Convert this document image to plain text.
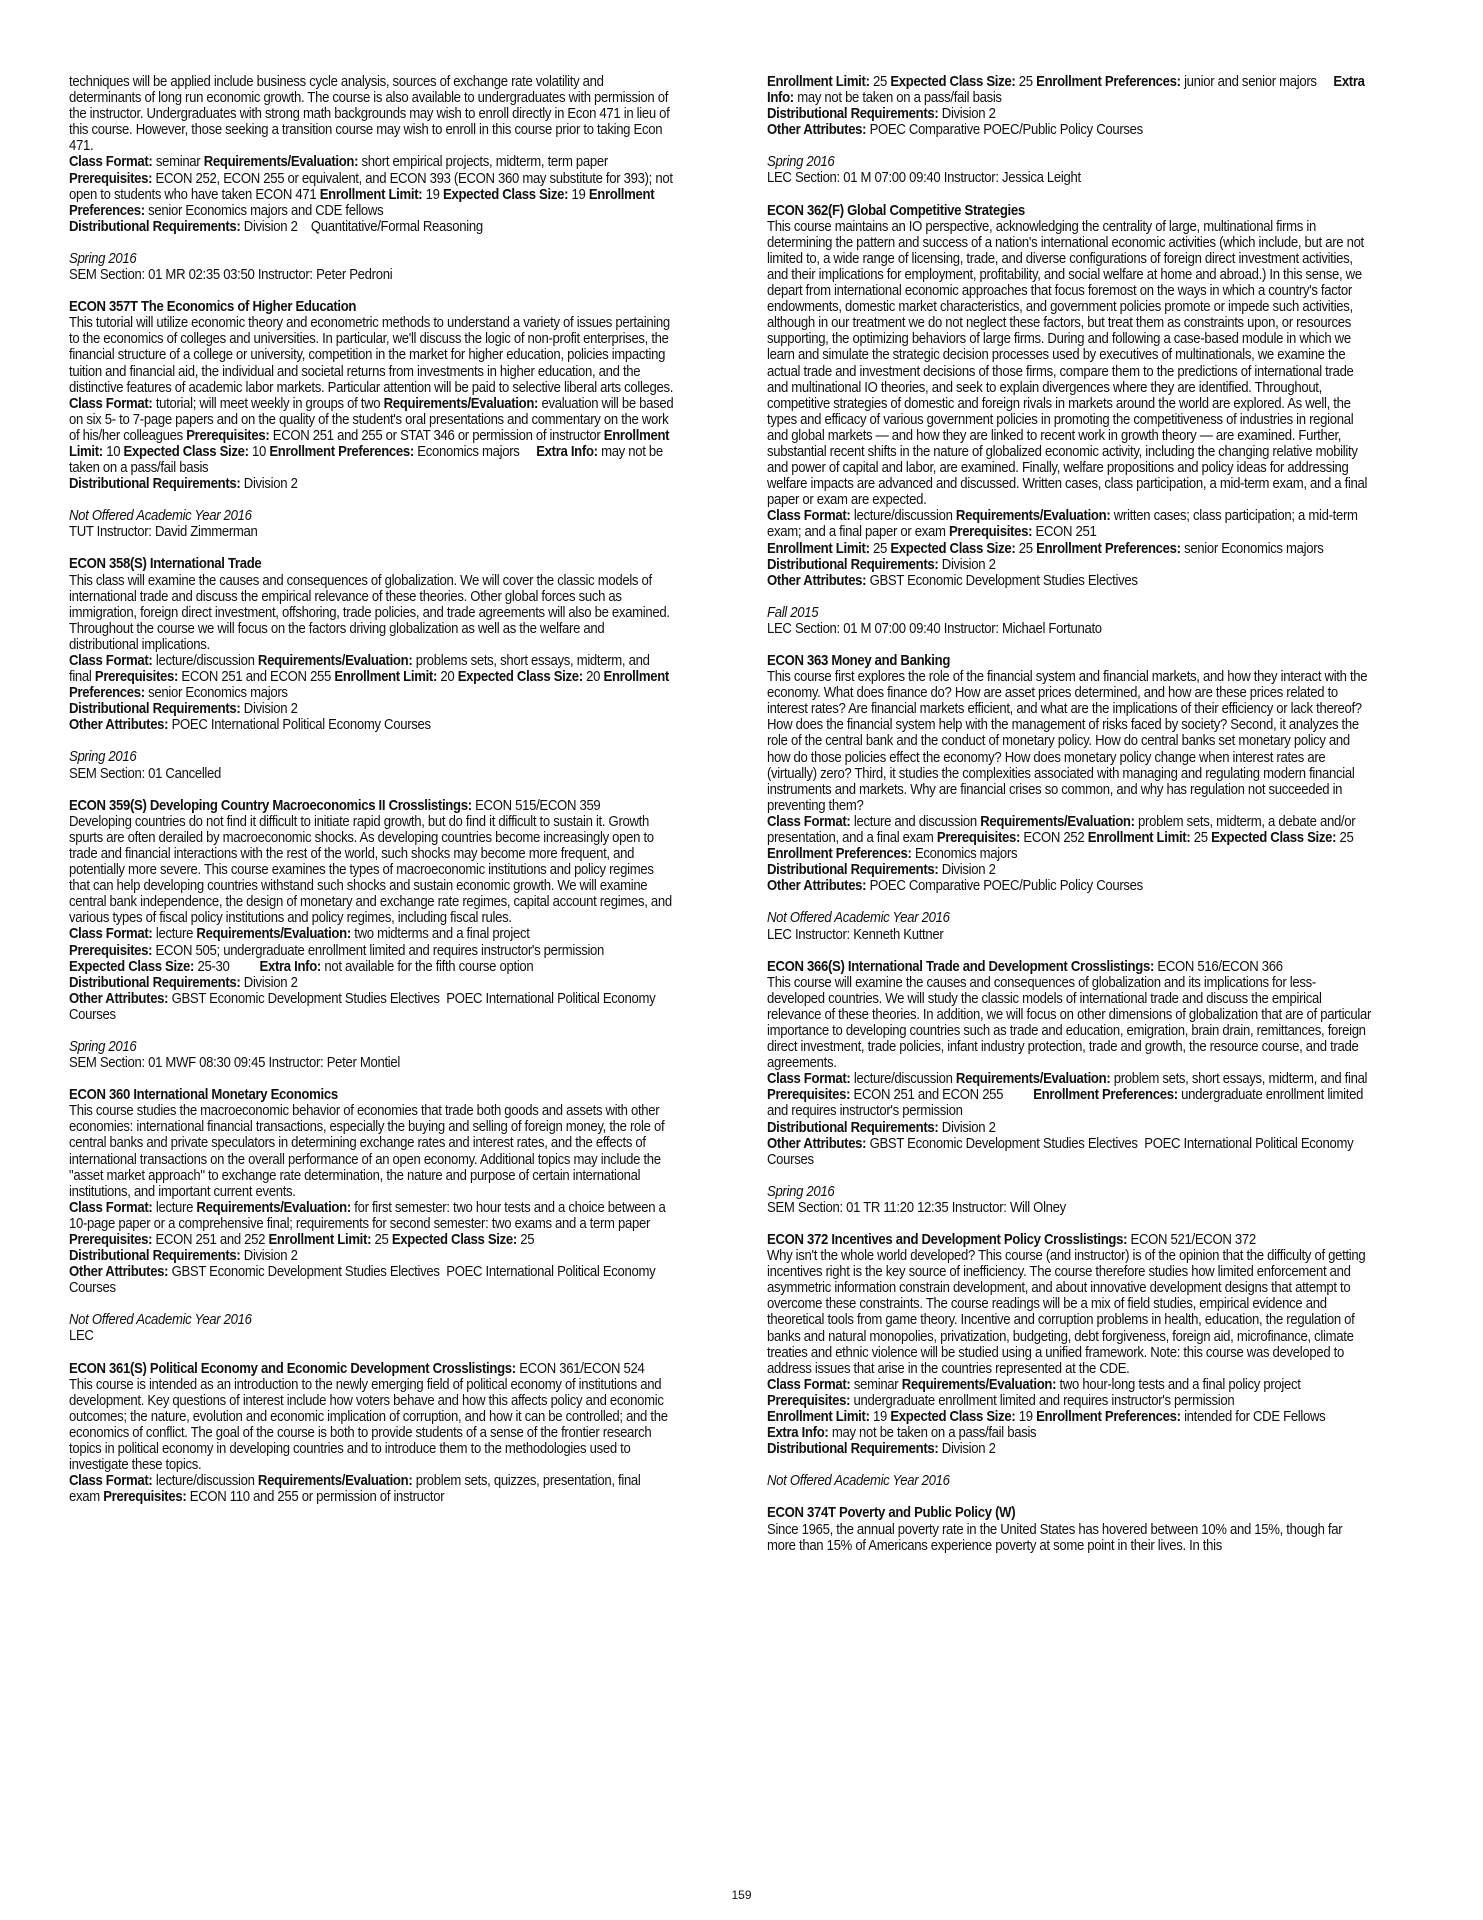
techniques will be applied include business cycle analysis, sources of exchange rate volatility and determinants of long run economic growth. The course is also available to undergraduates with permission of the instructor. Undergraduates with strong math backgrounds may wish to enroll directly in Econ 471 in lieu of this course. However, those seeking a transition course may wish to enroll in this course prior to taking Econ 471.

Class Format: seminar Requirements/Evaluation: short empirical projects, midterm, term paper Prerequisites: ECON 252, ECON 255 or equivalent, and ECON 393 (ECON 360 may substitute for 393); not open to students who have taken ECON 471 Enrollment Limit: 19 Expected Class Size: 19 Enrollment Preferences: senior Economics majors and CDE fellows

Distributional Requirements: Division 2    Quantitative/Formal Reasoning

Spring 2016

SEM Section: 01 MR 02:35 03:50 Instructor: Peter Pedroni

ECON 357T The Economics of Higher Education

This tutorial will utilize economic theory and econometric methods to understand a variety of issues pertaining to the economics of colleges and universities. In particular, we'll discuss the logic of non-profit enterprises, the financial structure of a college or university, competition in the market for higher education, policies impacting tuition and financial aid, the individual and societal returns from investments in higher education, and the distinctive features of academic labor markets. Particular attention will be paid to selective liberal arts colleges.

Class Format: tutorial; will meet weekly in groups of two Requirements/Evaluation: evaluation will be based on six 5- to 7-page papers and on the quality of the student's oral presentations and commentary on the work of his/her colleagues Prerequisites: ECON 251 and 255 or STAT 346 or permission of instructor Enrollment Limit: 10 Expected Class Size: 10 Enrollment Preferences: Economics majors     Extra Info: may not be taken on a pass/fail basis

Distributional Requirements: Division 2

Not Offered Academic Year 2016

TUT Instructor: David Zimmerman

ECON 358(S) International Trade

This class will examine the causes and consequences of globalization. We will cover the classic models of international trade and discuss the empirical relevance of these theories. Other global forces such as immigration, foreign direct investment, offshoring, trade policies, and trade agreements will also be examined. Throughout the course we will focus on the factors driving globalization as well as the welfare and distributional implications.

Class Format: lecture/discussion Requirements/Evaluation: problems sets, short essays, midterm, and final Prerequisites: ECON 251 and ECON 255 Enrollment Limit: 20 Expected Class Size: 20 Enrollment Preferences: senior Economics majors

Distributional Requirements: Division 2

Other Attributes: POEC International Political Economy Courses

Spring 2016

SEM Section: 01 Cancelled

ECON 359(S) Developing Country Macroeconomics II Crosslistings: ECON 515/ECON 359

Developing countries do not find it difficult to initiate rapid growth, but do find it difficult to sustain it. Growth spurts are often derailed by macroeconomic shocks. As developing countries become increasingly open to trade and financial interactions with the rest of the world, such shocks may become more frequent, and potentially more severe. This course examines the types of macroeconomic institutions and policy regimes that can help developing countries withstand such shocks and sustain economic growth. We will examine central bank independence, the design of monetary and exchange rate regimes, capital account regimes, and various types of fiscal policy institutions and policy regimes, including fiscal rules.

Class Format: lecture Requirements/Evaluation: two midterms and a final project

Prerequisites: ECON 505; undergraduate enrollment limited and requires instructor's permission     Expected Class Size: 25-30         Extra Info: not available for the fifth course option

Distributional Requirements: Division 2

Other Attributes: GBST Economic Development Studies Electives  POEC International Political Economy Courses

Spring 2016

SEM Section: 01 MWF 08:30 09:45 Instructor: Peter Montiel

ECON 360 International Monetary Economics

This course studies the macroeconomic behavior of economies that trade both goods and assets with other economies: international financial transactions, especially the buying and selling of foreign money, the role of central banks and private speculators in determining exchange rates and interest rates, and the effects of international transactions on the overall performance of an open economy. Additional topics may include the "asset market approach" to exchange rate determination, the nature and purpose of certain international institutions, and important current events.

Class Format: lecture Requirements/Evaluation: for first semester: two hour tests and a choice between a 10-page paper or a comprehensive final; requirements for second semester: two exams and a term paper Prerequisites: ECON 251 and 252 Enrollment Limit: 25 Expected Class Size: 25

Distributional Requirements: Division 2

Other Attributes: GBST Economic Development Studies Electives  POEC International Political Economy Courses

Not Offered Academic Year 2016

LEC

ECON 361(S) Political Economy and Economic Development Crosslistings: ECON 361/ECON 524

This course is intended as an introduction to the newly emerging field of political economy of institutions and development. Key questions of interest include how voters behave and how this affects policy and economic outcomes; the nature, evolution and economic implication of corruption, and how it can be controlled; and the economics of conflict. The goal of the course is both to provide students of a sense of the frontier research topics in political economy in developing countries and to introduce them to the methodologies used to investigate these topics.

Class Format: lecture/discussion Requirements/Evaluation: problem sets, quizzes, presentation, final exam Prerequisites: ECON 110 and 255 or permission of instructor

Enrollment Limit: 25 Expected Class Size: 25 Enrollment Preferences: junior and senior majors     Extra Info: may not be taken on a pass/fail basis

Distributional Requirements: Division 2

Other Attributes: POEC Comparative POEC/Public Policy Courses

Spring 2016

LEC Section: 01 M 07:00 09:40 Instructor: Jessica Leight

ECON 362(F) Global Competitive Strategies

This course maintains an IO perspective, acknowledging the centrality of large, multinational firms in determining the pattern and success of a nation's international economic activities (which include, but are not limited to, a wide range of licensing, trade, and diverse configurations of foreign direct investment activities, and their implications for employment, profitability, and social welfare at home and abroad.) In this sense, we depart from international economic approaches that focus foremost on the ways in which a country's factor endowments, domestic market characteristics, and government policies promote or impede such activities, although in our treatment we do not neglect these factors, but treat them as constraints upon, or resources supporting, the optimizing behaviors of large firms. During and following a case-based module in which we learn and simulate the strategic decision processes used by executives of multinationals, we examine the actual trade and investment decisions of those firms, compare them to the predictions of international trade and multinational IO theories, and seek to explain divergences where they are identified. Throughout, competitive strategies of domestic and foreign rivals in markets around the world are explored. As well, the types and efficacy of various government policies in promoting the competitiveness of industries in regional and global markets — and how they are linked to recent work in growth theory — are examined. Further, substantial recent shifts in the nature of globalized economic activity, including the changing relative mobility and power of capital and labor, are examined. Finally, welfare propositions and policy ideas for addressing welfare impacts are advanced and discussed. Written cases, class participation, a mid-term exam, and a final paper or exam are expected.

Class Format: lecture/discussion Requirements/Evaluation: written cases; class participation; a mid-term exam; and a final paper or exam Prerequisites: ECON 251

Enrollment Limit: 25 Expected Class Size: 25 Enrollment Preferences: senior Economics majors

Distributional Requirements: Division 2

Other Attributes: GBST Economic Development Studies Electives

Fall 2015

LEC Section: 01 M 07:00 09:40 Instructor: Michael Fortunato

ECON 363 Money and Banking

This course first explores the role of the financial system and financial markets, and how they interact with the economy. What does finance do? How are asset prices determined, and how are these prices related to interest rates? Are financial markets efficient, and what are the implications of their efficiency or lack thereof? How does the financial system help with the management of risks faced by society? Second, it analyzes the role of the central bank and the conduct of monetary policy. How do central banks set monetary policy and how do those policies effect the economy? How does monetary policy change when interest rates are (virtually) zero? Third, it studies the complexities associated with managing and regulating modern financial instruments and markets. Why are financial crises so common, and why has regulation not succeeded in preventing them?

Class Format: lecture and discussion Requirements/Evaluation: problem sets, midterm, a debate and/or presentation, and a final exam Prerequisites: ECON 252 Enrollment Limit: 25 Expected Class Size: 25 Enrollment Preferences: Economics majors

Distributional Requirements: Division 2

Other Attributes: POEC Comparative POEC/Public Policy Courses

Not Offered Academic Year 2016

LEC Instructor: Kenneth Kuttner

ECON 366(S) International Trade and Development Crosslistings: ECON 516/ECON 366

This course will examine the causes and consequences of globalization and its implications for less-developed countries. We will study the classic models of international trade and discuss the empirical relevance of these theories. In addition, we will focus on other dimensions of globalization that are of particular importance to developing countries such as trade and education, emigration, brain drain, remittances, foreign direct investment, trade policies, infant industry protection, trade and growth, the resource course, and trade agreements.

Class Format: lecture/discussion Requirements/Evaluation: problem sets, short essays, midterm, and final Prerequisites: ECON 251 and ECON 255         Enrollment Preferences: undergraduate enrollment limited and requires instructor's permission

Distributional Requirements: Division 2

Other Attributes: GBST Economic Development Studies Electives  POEC International Political Economy Courses

Spring 2016

SEM Section: 01 TR 11:20 12:35 Instructor: Will Olney

ECON 372 Incentives and Development Policy Crosslistings: ECON 521/ECON 372

Why isn't the whole world developed? This course (and instructor) is of the opinion that the difficulty of getting incentives right is the key source of inefficiency. The course therefore studies how limited enforcement and asymmetric information constrain development, and about innovative development designs that attempt to overcome these constraints. The course readings will be a mix of field studies, empirical evidence and theoretical tools from game theory. Incentive and corruption problems in health, education, the regulation of banks and natural monopolies, privatization, budgeting, debt forgiveness, foreign aid, microfinance, climate treaties and ethnic violence will be studied using a unified framework. Note: this course was developed to address issues that arise in the countries represented at the CDE.

Class Format: seminar Requirements/Evaluation: two hour-long tests and a final policy project Prerequisites: undergraduate enrollment limited and requires instructor's permission

Enrollment Limit: 19 Expected Class Size: 19 Enrollment Preferences: intended for CDE Fellows     Extra Info: may not be taken on a pass/fail basis

Distributional Requirements: Division 2

Not Offered Academic Year 2016

ECON 374T Poverty and Public Policy (W)

Since 1965, the annual poverty rate in the United States has hovered between 10% and 15%, though far more than 15% of Americans experience poverty at some point in their lives. In this

159
